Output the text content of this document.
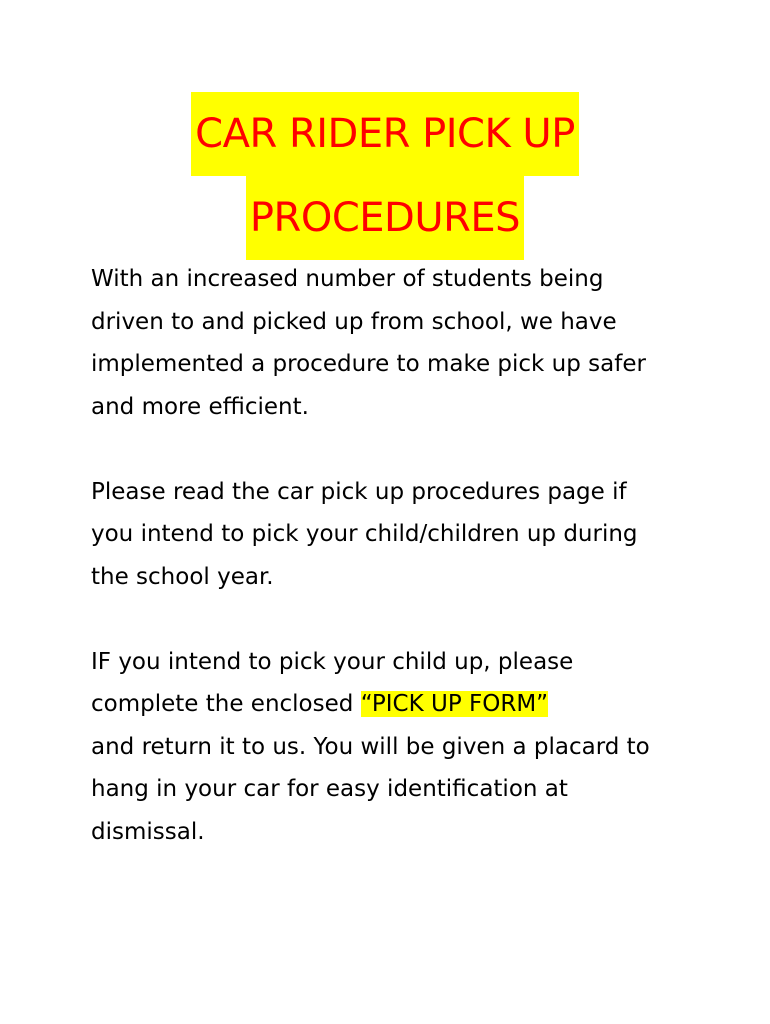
CAR RIDER PICK UP
PROCEDURES

With an increased number of students being
driven to and picked up from school, we have
implemented a procedure to make pick up safer
and more efficient.

Please read the car pick up procedures page if
you intend to pick your child/children up during
the school year.

IF you intend to pick your child up, please
complete the enclosed “PICK UP FORM”
and return it to us. You will be given a placard to
hang in your car for easy identification at
dismissal.
